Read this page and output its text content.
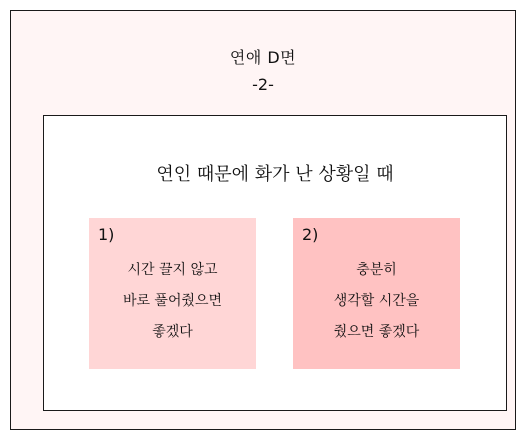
연애 D면
-2-
연인 때문에 화가 난 상황일 때
1)
시간 끌지 않고
바로 풀어줬으면
좋겠다
2)
충분히
생각할 시간을
줬으면 좋겠다
